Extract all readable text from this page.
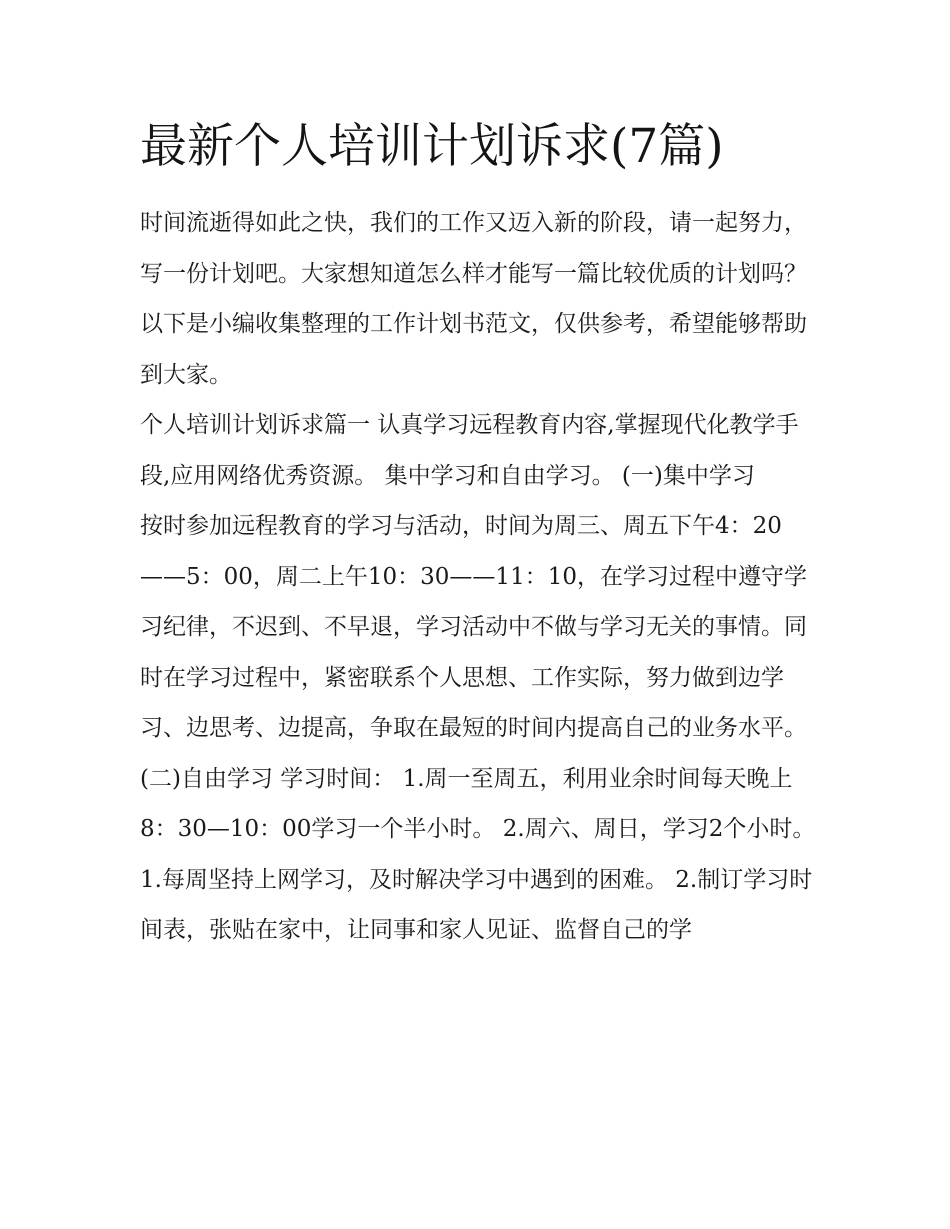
最新个人培训计划诉求(7篇)

时间流逝得如此之快，我们的工作又迈入新的阶段，请一起努力，写一份计划吧。大家想知道怎么样才能写一篇比较优质的计划吗？以下是小编收集整理的工作计划书范文，仅供参考，希望能够帮助到大家。

个人培训计划诉求篇一 认真学习远程教育内容,掌握现代化教学手段,应用网络优秀资源。 集中学习和自由学习。 (一)集中学习

按时参加远程教育的学习与活动，时间为周三、周五下午4：20——5：00，周二上午10：30——11：10，在学习过程中遵守学习纪律，不迟到、不早退，学习活动中不做与学习无关的事情。同时在学习过程中，紧密联系个人思想、工作实际，努力做到边学习、边思考、边提高，争取在最短的时间内提高自己的业务水平。

(二)自由学习 学习时间： 1.周一至周五，利用业余时间每天晚上8：30—10：00学习一个半小时。 2.周六、周日，学习2个小时。

1.每周坚持上网学习，及时解决学习中遇到的困难。 2.制订学习时间表，张贴在家中，让同事和家人见证、监督自己的学
